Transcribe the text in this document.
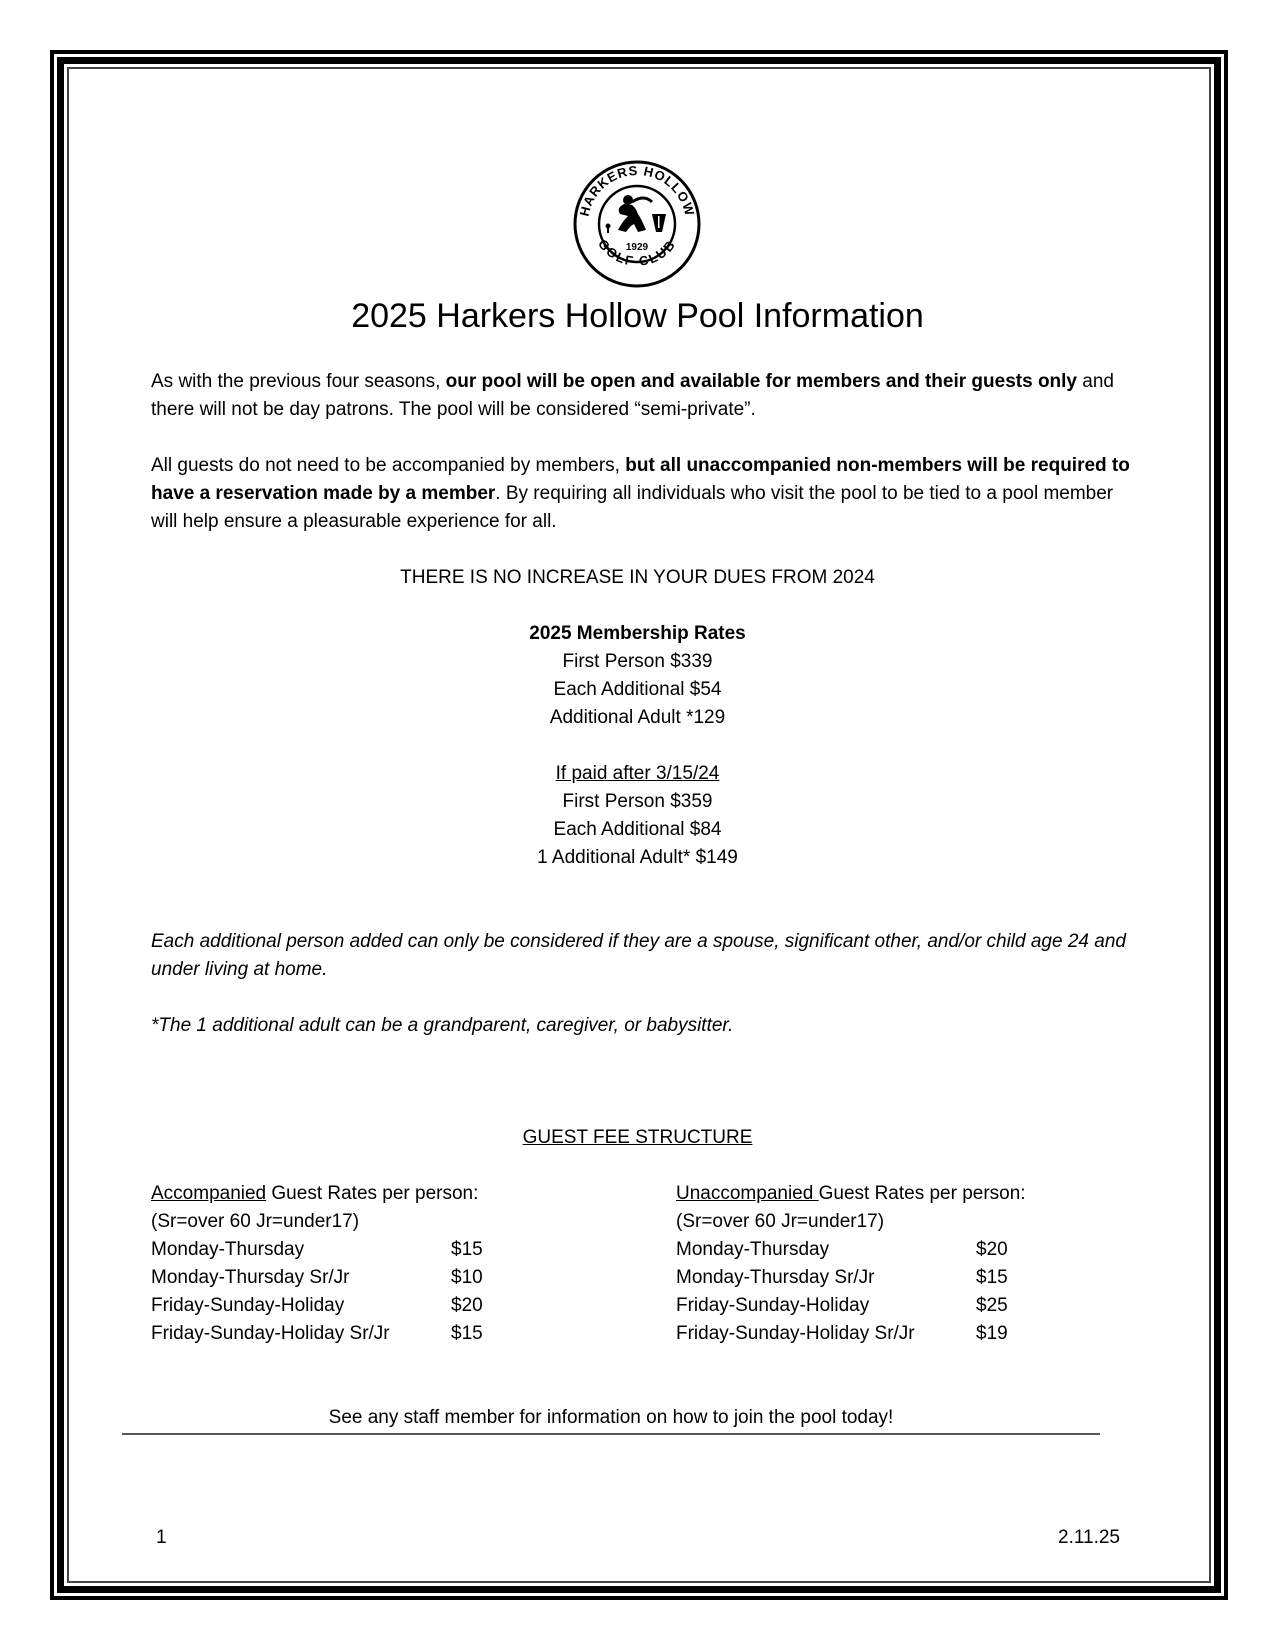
HARKERS HOLLOW
GOLF CLUB
1929
2025 Harkers Hollow Pool Information
As with the previous four seasons, our pool will be open and available for members and their guests only and there will not be day patrons. The pool will be considered “semi-private”.
All guests do not need to be accompanied by members, but all unaccompanied non-members will be required to have a reservation made by a member. By requiring all individuals who visit the pool to be tied to a pool member will help ensure a pleasurable experience for all.
THERE IS NO INCREASE IN YOUR DUES FROM 2024
2025 Membership Rates
First Person $339
Each Additional $54
Additional Adult *129
If paid after 3/15/24
First Person $359
Each Additional $84
1 Additional Adult* $149
Each additional person added can only be considered if they are a spouse, significant other, and/or child age 24 and under living at home.
*The 1 additional adult can be a grandparent, caregiver, or babysitter.
GUEST FEE STRUCTURE
Accompanied Guest Rates per person:
(Sr=over 60 Jr=under17)
Monday-Thursday	$15
Monday-Thursday Sr/Jr	$10
Friday-Sunday-Holiday	$20
Friday-Sunday-Holiday Sr/Jr	$15
Unaccompanied Guest Rates per person:
(Sr=over 60 Jr=under17)
Monday-Thursday	$20
Monday-Thursday Sr/Jr	$15
Friday-Sunday-Holiday	$25
Friday-Sunday-Holiday Sr/Jr	$19
See any staff member for information on how to join the pool today!
1	2.11.25
